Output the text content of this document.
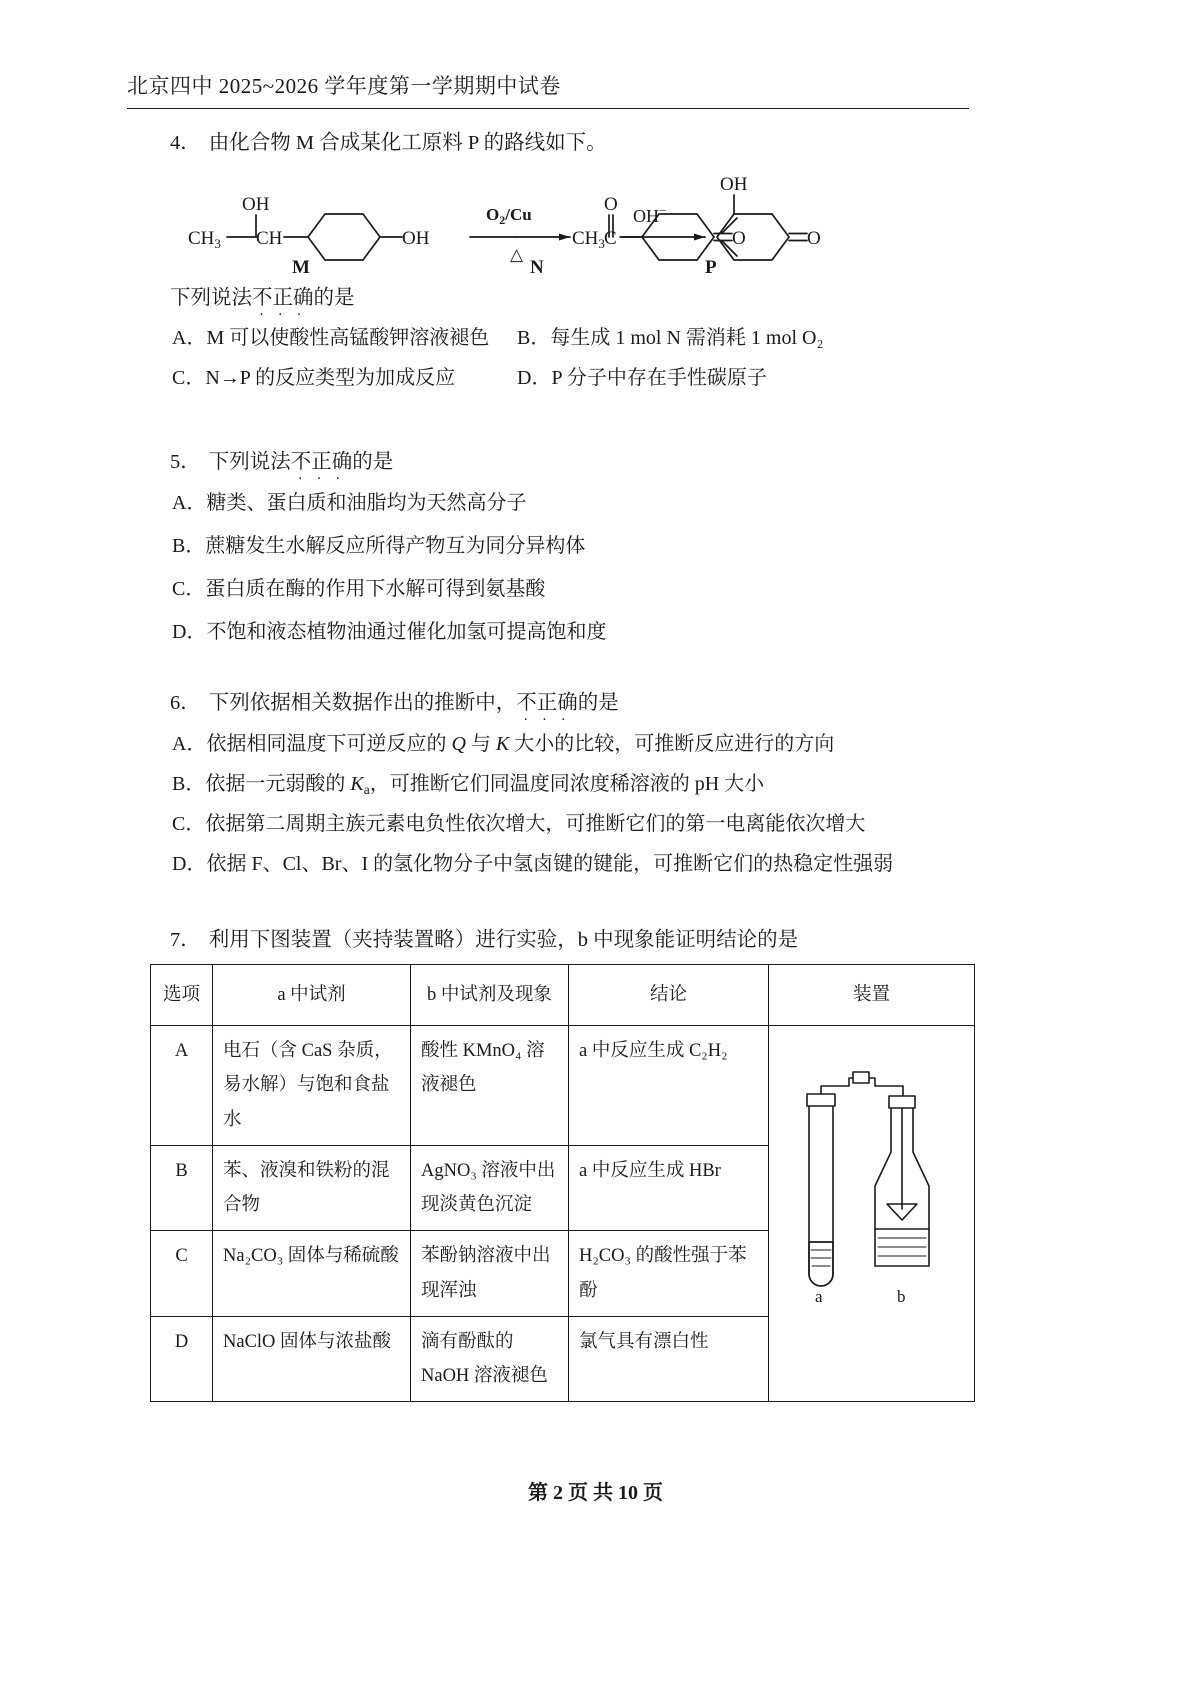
北京四中 2025~2026 学年度第一学期期中试卷
4． 由化合物 M 合成某化工原料 P 的路线如下。
$CH_3$
OH
CH	OH
$O_2/Cu$
△
$CH_3$ C
O
O
OH−
OH
O
M	N	P
下列说法不正确 · · ·的是
A．M 可以使酸性高锰酸钾溶液褪色	B．每生成 1 mol N 需消耗 1 mol O₂
C．N→P 的反应类型为加成反应	D．P 分子中存在手性碳原子
5． 下列说法不正确 · · ·的是
A．糖类、蛋白质和油脂均为天然高分子
B．蔗糖发生水解反应所得产物互为同分异构体
C．蛋白质在酶的作用下水解可得到氨基酸
D．不饱和液态植物油通过催化加氢可提高饱和度
6． 下列依据相关数据作出的推断中，不正确 · · ·的是
A．依据相同温度下可逆反应的 Q 与 K 大小的比较，可推断反应进行的方向
B．依据一元弱酸的 $K_a$，可推断它们同温度同浓度稀溶液的 pH 大小
C．依据第二周期主族元素电负性依次增大，可推断它们的第一电离能依次增大
D．依据 F、Cl、Br、I 的氢化物分子中氢卤键的键能，可推断它们的热稳定性强弱
7． 利用下图装置（夹持装置略）进行实验，b 中现象能证明结论的是
选项	a 中试剂	b 中试剂及现象	结论	装置
A	电石（含 CaS 杂质，易水解）与饱和食盐水	酸性 KMnO₄ 溶液褪色	a 中反应生成 C₂H₂	a b

B	苯、液溴和铁粉的混合物	AgNO₃ 溶液中出现淡黄色沉淀	a 中反应生成 HBr	
C	Na₂CO₃ 固体与稀硫酸	苯酚钠溶液中出现浑浊	H₂CO₃ 的酸性强于苯酚	
D	NaClO 固体与浓盐酸	滴有酚酞的 NaOH 溶液褪色	氯气具有漂白性	
第 2 页 共 10 页
